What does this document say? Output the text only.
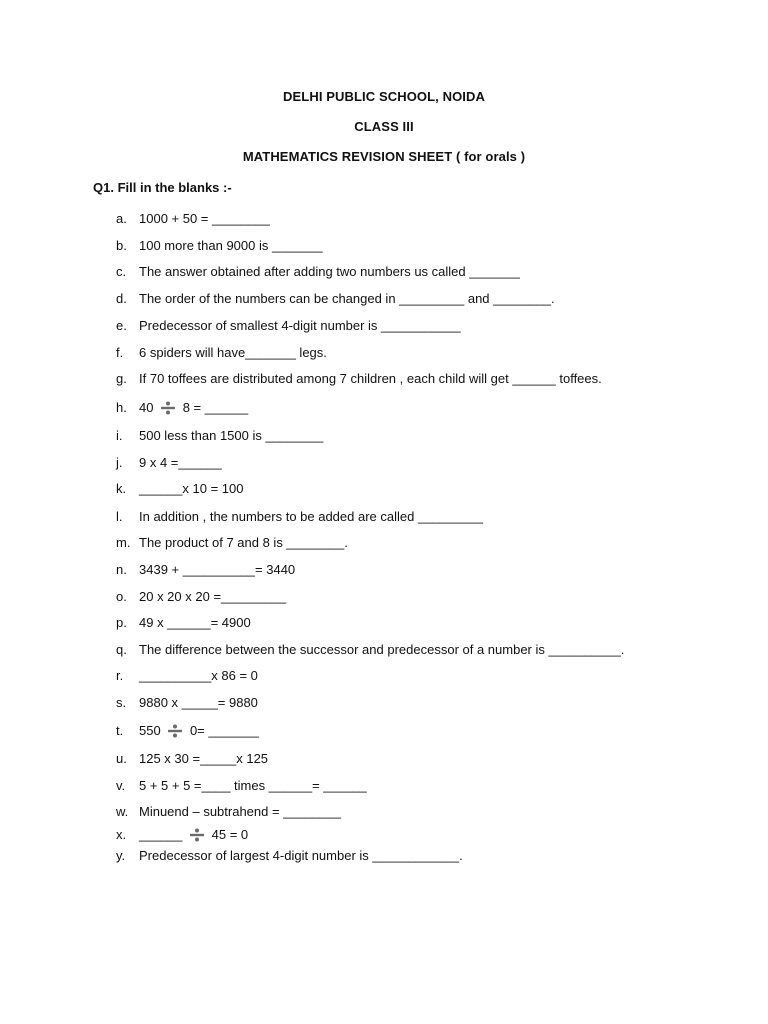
DELHI PUBLIC SCHOOL, NOIDA
CLASS III
MATHEMATICS REVISION SHEET ( for orals )
Q1. Fill in the blanks :-
a. 1000 + 50 = ________
b. 100 more than 9000 is _______
c. The answer obtained after adding two numbers us called _______
d. The order of the numbers can be changed in _________ and ________.
e. Predecessor of smallest 4-digit number is ___________
f.	6 spiders will have_______ legs.
g. If 70 toffees are distributed among 7 children , each child will get ______ toffees.
h. 40 8 = ______
i.	500 less than 1500 is ________
j.	9 x 4 =______
k. ______x 10 = 100
l.	In addition , the numbers to be added are called _________
m. The product of 7 and 8 is ________.
n. 3439 + __________= 3440
o. 20 x 20 x 20 =_________
p. 49 x ______= 4900
q. The difference between the successor and predecessor of a number is __________.
r.	__________x 86 = 0
s. 9880 x _____= 9880
t.	550 0= _______
u. 125 x 30 =_____x 125
v.	5 + 5 + 5 =____ times ______= ______
w. Minuend – subtrahend = ________
x. ______ 45 = 0
y.	Predecessor of largest 4-digit number is ____________.
